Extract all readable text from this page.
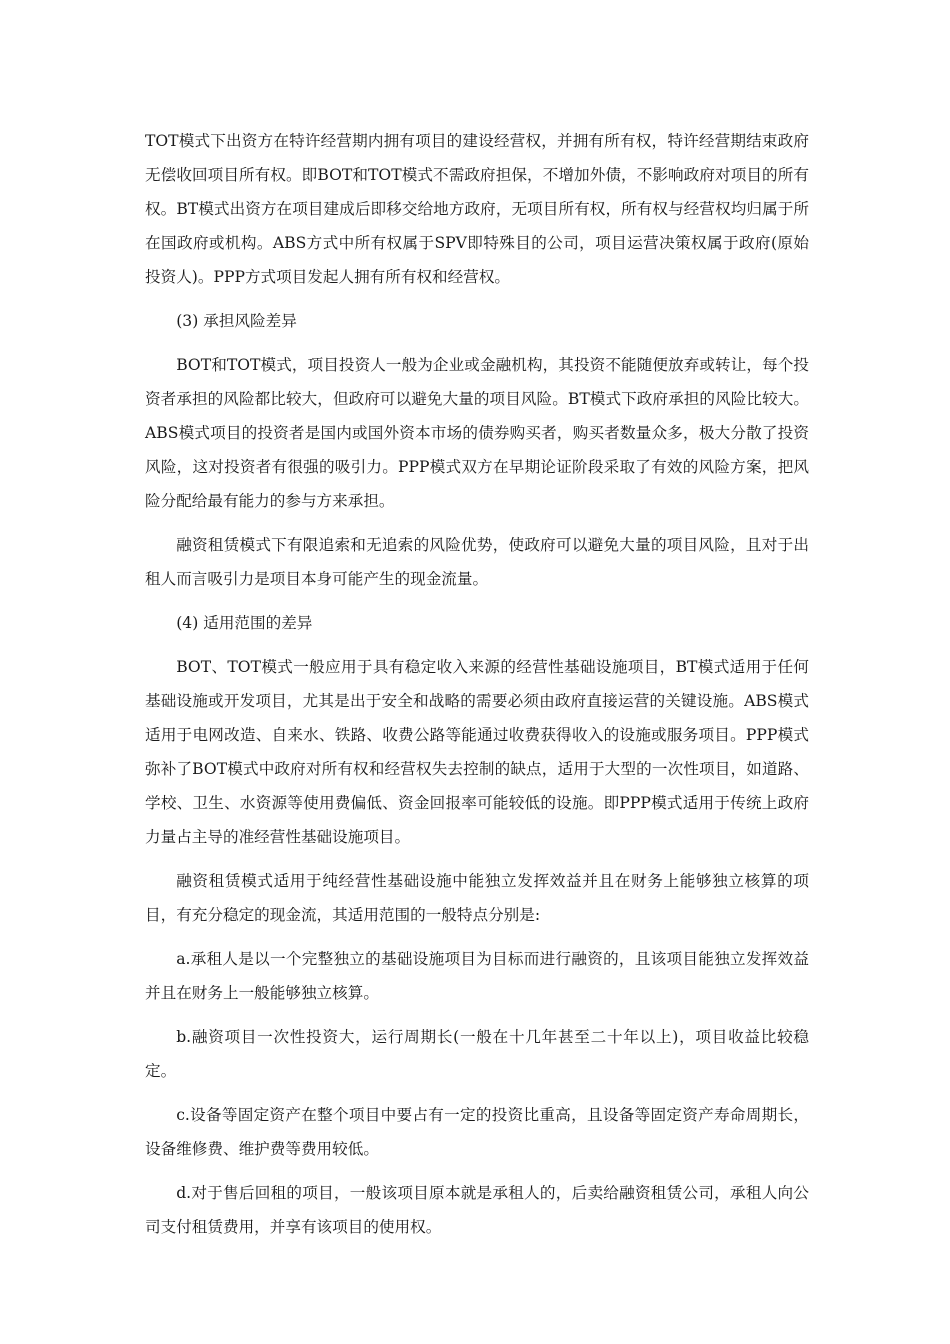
TOT模式下出资方在特许经营期内拥有项目的建设经营权，并拥有所有权，特许经营期结束政府无偿收回项目所有权。即BOT和TOT模式不需政府担保，不增加外债，不影响政府对项目的所有权。BT模式出资方在项目建成后即移交给地方政府，无项目所有权，所有权与经营权均归属于所在国政府或机构。ABS方式中所有权属于SPV即特殊目的公司，项目运营决策权属于政府(原始投资人)。PPP方式项目发起人拥有所有权和经营权。

(3) 承担风险差异

BOT和TOT模式，项目投资人一般为企业或金融机构，其投资不能随便放弃或转让，每个投资者承担的风险都比较大，但政府可以避免大量的项目风险。BT模式下政府承担的风险比较大。ABS模式项目的投资者是国内或国外资本市场的债券购买者，购买者数量众多，极大分散了投资风险，这对投资者有很强的吸引力。PPP模式双方在早期论证阶段采取了有效的风险方案，把风险分配给最有能力的参与方来承担。

融资租赁模式下有限追索和无追索的风险优势，使政府可以避免大量的项目风险，且对于出租人而言吸引力是项目本身可能产生的现金流量。

(4) 适用范围的差异

BOT、TOT模式一般应用于具有稳定收入来源的经营性基础设施项目，BT模式适用于任何基础设施或开发项目，尤其是出于安全和战略的需要必须由政府直接运营的关键设施。ABS模式适用于电网改造、自来水、铁路、收费公路等能通过收费获得收入的设施或服务项目。PPP模式弥补了BOT模式中政府对所有权和经营权失去控制的缺点，适用于大型的一次性项目，如道路、学校、卫生、水资源等使用费偏低、资金回报率可能较低的设施。即PPP模式适用于传统上政府力量占主导的准经营性基础设施项目。

融资租赁模式适用于纯经营性基础设施中能独立发挥效益并且在财务上能够独立核算的项目，有充分稳定的现金流，其适用范围的一般特点分别是:

a.承租人是以一个完整独立的基础设施项目为目标而进行融资的，且该项目能独立发挥效益并且在财务上一般能够独立核算。

b.融资项目一次性投资大，运行周期长(一般在十几年甚至二十年以上)，项目收益比较稳定。

c.设备等固定资产在整个项目中要占有一定的投资比重高，且设备等固定资产寿命周期长，设备维修费、维护费等费用较低。

d.对于售后回租的项目，一般该项目原本就是承租人的，后卖给融资租赁公司，承租人向公司支付租赁费用，并享有该项目的使用权。
